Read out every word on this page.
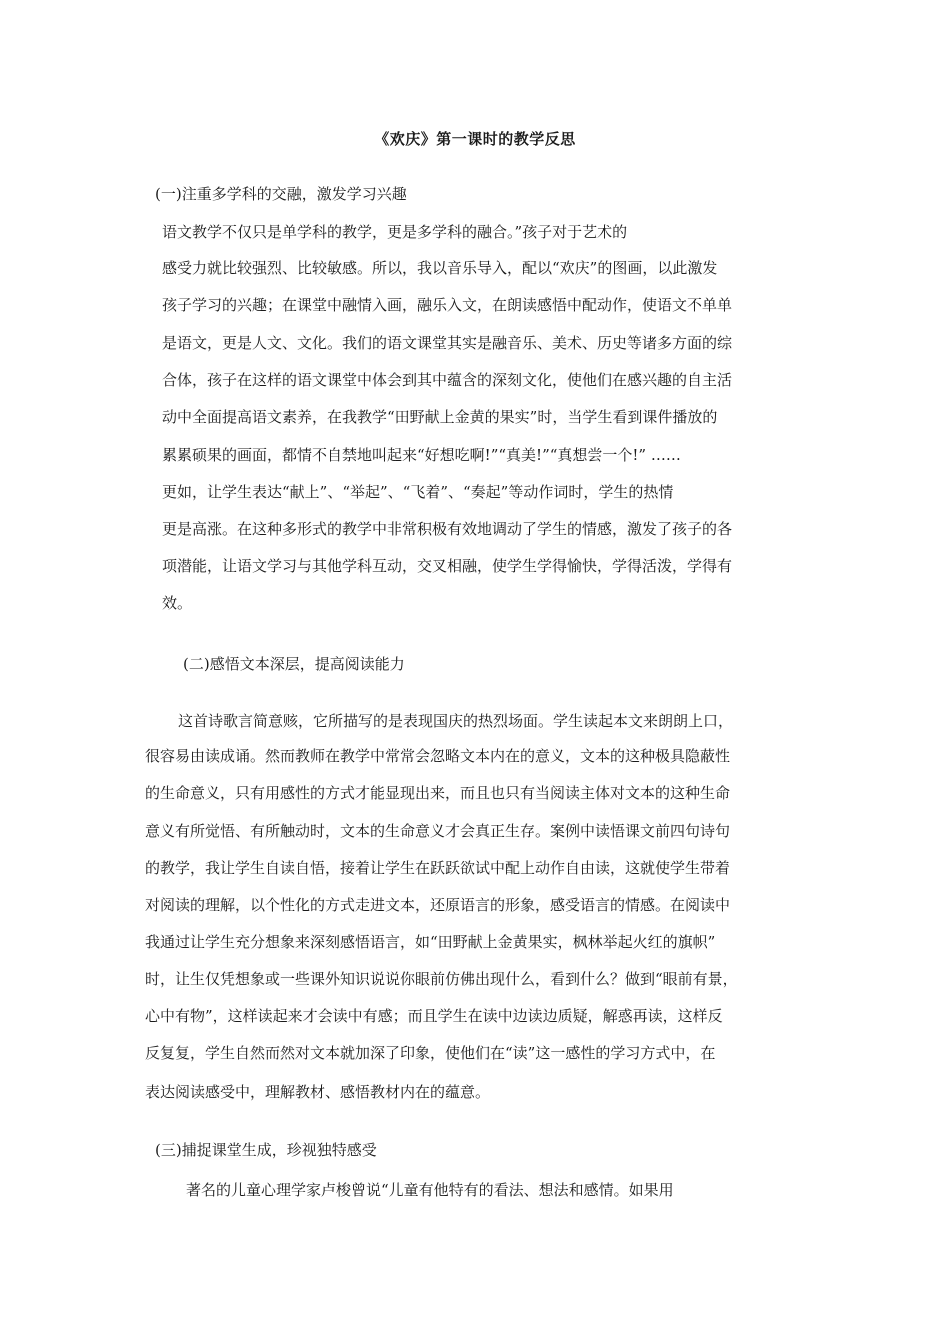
《欢庆》第一课时的教学反思
(一)注重多学科的交融，激发学习兴趣
语文教学不仅只是单学科的教学，更是多学科的融合。”孩子对于艺术的
感受力就比较强烈、比较敏感。所以，我以音乐导入，配以“欢庆”的图画，以此激发
孩子学习的兴趣；在课堂中融情入画，融乐入文，在朗读感悟中配动作，使语文不单单
是语文，更是人文、文化。我们的语文课堂其实是融音乐、美术、历史等诸多方面的综
合体，孩子在这样的语文课堂中体会到其中蕴含的深刻文化，使他们在感兴趣的自主活
动中全面提高语文素养，在我教学“田野献上金黄的果实”时，当学生看到课件播放的
累累硕果的画面，都情不自禁地叫起来“好想吃啊!”“真美!”“真想尝一个!” ……
更如，让学生表达“献上”、“举起”、“飞着”、“奏起”等动作词时，学生的热情
更是高涨。在这种多形式的教学中非常积极有效地调动了学生的情感，激发了孩子的各
项潜能，让语文学习与其他学科互动，交叉相融，使学生学得愉快，学得活泼，学得有
效。
(二)感悟文本深层，提高阅读能力
这首诗歌言简意赅，它所描写的是表现国庆的热烈场面。学生读起本文来朗朗上口，
很容易由读成诵。然而教师在教学中常常会忽略文本内在的意义，文本的这种极具隐蔽性
的生命意义，只有用感性的方式才能显现出来，而且也只有当阅读主体对文本的这种生命
意义有所觉悟、有所触动时，文本的生命意义才会真正生存。案例中读悟课文前四句诗句
的教学，我让学生自读自悟，接着让学生在跃跃欲试中配上动作自由读，这就使学生带着
对阅读的理解，以个性化的方式走进文本，还原语言的形象，感受语言的情感。在阅读中
我通过让学生充分想象来深刻感悟语言，如“田野献上金黄果实，枫林举起火红的旗帜”
时，让生仅凭想象或一些课外知识说说你眼前仿佛出现什么，看到什么？做到“眼前有景，
心中有物”，这样读起来才会读中有感；而且学生在读中边读边质疑，解惑再读，这样反
反复复，学生自然而然对文本就加深了印象，使他们在“读”这一感性的学习方式中，在
表达阅读感受中，理解教材、感悟教材内在的蕴意。
(三)捕捉课堂生成，珍视独特感受
著名的儿童心理学家卢梭曾说“儿童有他特有的看法、想法和感情。如果用
